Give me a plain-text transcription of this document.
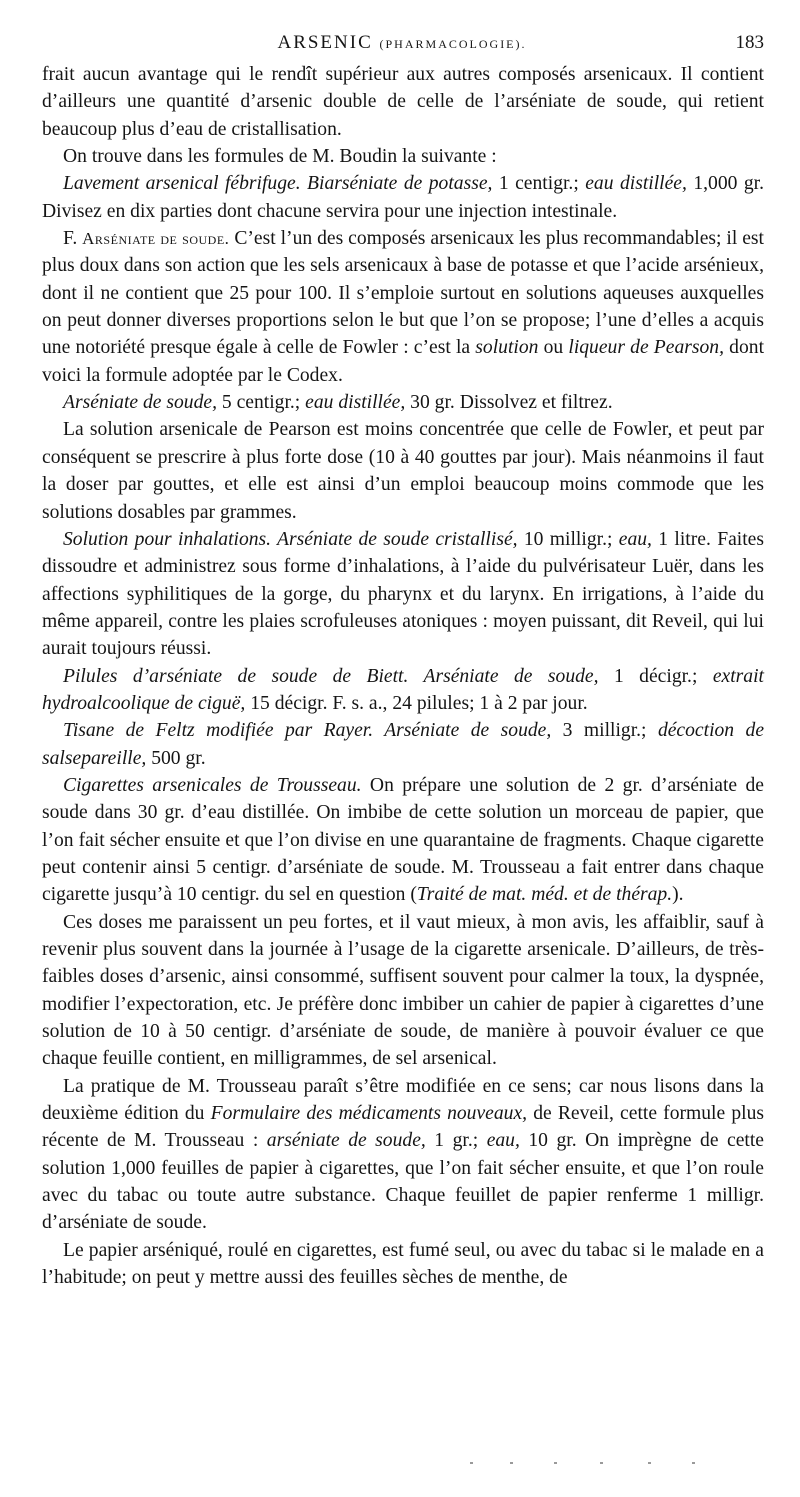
ARSENIC (PHARMACOLOGIE).	183

frait aucun avantage qui le rendît supérieur aux autres composés arsenicaux. Il contient d’ailleurs une quantité d’arsenic double de celle de l’arséniate de soude, qui retient beaucoup plus d’eau de cristallisation.

On trouve dans les formules de M. Boudin la suivante :

Lavement arsenical fébrifuge. Biarséniate de potasse, 1 centigr.; eau distillée, 1,000 gr. Divisez en dix parties dont chacune servira pour une injection intestinale.

F. Arséniate de soude. C’est l’un des composés arsenicaux les plus recommandables; il est plus doux dans son action que les sels arsenicaux à base de potasse et que l’acide arsénieux, dont il ne contient que 25 pour 100. Il s’emploie surtout en solutions aqueuses auxquelles on peut donner diverses proportions selon le but que l’on se propose; l’une d’elles a acquis une notoriété presque égale à celle de Fowler : c’est la solution ou liqueur de Pearson, dont voici la formule adoptée par le Codex.

Arséniate de soude, 5 centigr.; eau distillée, 30 gr. Dissolvez et filtrez.

La solution arsenicale de Pearson est moins concentrée que celle de Fowler, et peut par conséquent se prescrire à plus forte dose (10 à 40 gouttes par jour). Mais néanmoins il faut la doser par gouttes, et elle est ainsi d’un emploi beaucoup moins commode que les solutions dosables par grammes.

Solution pour inhalations. Arséniate de soude cristallisé, 10 milligr.; eau, 1 litre. Faites dissoudre et administrez sous forme d’inhalations, à l’aide du pulvérisateur Luër, dans les affections syphilitiques de la gorge, du pharynx et du larynx. En irrigations, à l’aide du même appareil, contre les plaies scrofuleuses atoniques : moyen puissant, dit Reveil, qui lui aurait toujours réussi.

Pilules d’arséniate de soude de Biett. Arséniate de soude, 1 décigr.; extrait hydroalcoolique de ciguë, 15 décigr. F. s. a., 24 pilules; 1 à 2 par jour.

Tisane de Feltz modifiée par Rayer. Arséniate de soude, 3 milligr.; décoction de salsepareille, 500 gr.

Cigarettes arsenicales de Trousseau. On prépare une solution de 2 gr. d’arséniate de soude dans 30 gr. d’eau distillée. On imbibe de cette solution un morceau de papier, que l’on fait sécher ensuite et que l’on divise en une quarantaine de fragments. Chaque cigarette peut contenir ainsi 5 centigr. d’arséniate de soude. M. Trousseau a fait entrer dans chaque cigarette jusqu’à 10 centigr. du sel en question (Traité de mat. méd. et de thérap.).

Ces doses me paraissent un peu fortes, et il vaut mieux, à mon avis, les affaiblir, sauf à revenir plus souvent dans la journée à l’usage de la cigarette arsenicale. D’ailleurs, de très-faibles doses d’arsenic, ainsi consommé, suffisent souvent pour calmer la toux, la dyspnée, modifier l’expectoration, etc. Je préfère donc imbiber un cahier de papier à cigarettes d’une solution de 10 à 50 centigr. d’arséniate de soude, de manière à pouvoir évaluer ce que chaque feuille contient, en milligrammes, de sel arsenical.

La pratique de M. Trousseau paraît s’être modifiée en ce sens; car nous lisons dans la deuxième édition du Formulaire des médicaments nouveaux, de Reveil, cette formule plus récente de M. Trousseau : arséniate de soude, 1 gr.; eau, 10 gr. On imprègne de cette solution 1,000 feuilles de papier à cigarettes, que l’on fait sécher ensuite, et que l’on roule avec du tabac ou toute autre substance. Chaque feuillet de papier renferme 1 milligr. d’arséniate de soude.

Le papier arséniqué, roulé en cigarettes, est fumé seul, ou avec du tabac si le malade en a l’habitude; on peut y mettre aussi des feuilles sèches de menthe, de
